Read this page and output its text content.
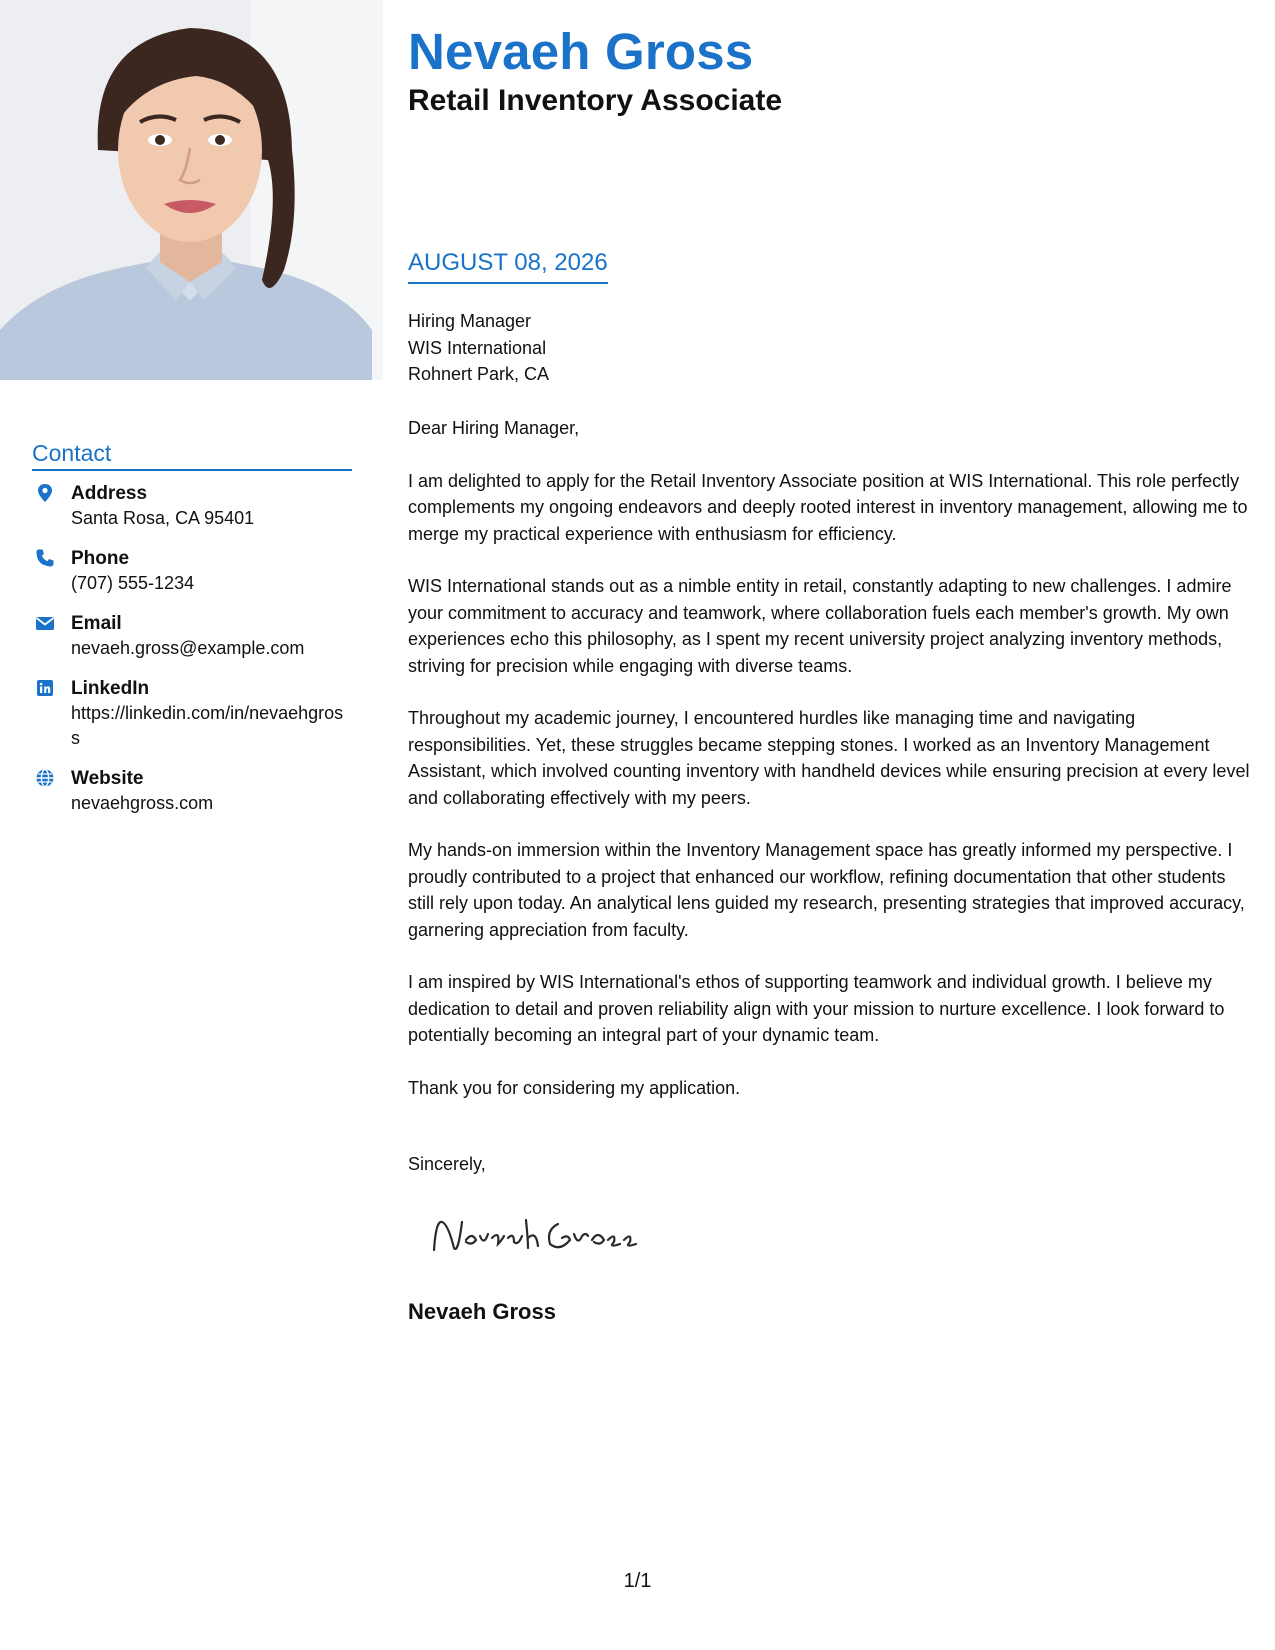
Nevaeh Gross
Retail Inventory Associate
AUGUST 08, 2026
Hiring Manager
WIS International
Rohnert Park, CA

Dear Hiring Manager,

I am delighted to apply for the Retail Inventory Associate position at WIS International. This role perfectly complements my ongoing endeavors and deeply rooted interest in inventory management, allowing me to merge my practical experience with enthusiasm for efficiency.

WIS International stands out as a nimble entity in retail, constantly adapting to new challenges. I admire your commitment to accuracy and teamwork, where collaboration fuels each member's growth. My own experiences echo this philosophy, as I spent my recent university project analyzing inventory methods, striving for precision while engaging with diverse teams.

Throughout my academic journey, I encountered hurdles like managing time and navigating responsibilities. Yet, these struggles became stepping stones. I worked as an Inventory Management Assistant, which involved counting inventory with handheld devices while ensuring precision at every level and collaborating effectively with my peers.

My hands-on immersion within the Inventory Management space has greatly informed my perspective. I proudly contributed to a project that enhanced our workflow, refining documentation that other students still rely upon today. An analytical lens guided my research, presenting strategies that improved accuracy, garnering appreciation from faculty.

I am inspired by WIS International's ethos of supporting teamwork and individual growth. I believe my dedication to detail and proven reliability align with your mission to nurture excellence. I look forward to potentially becoming an integral part of your dynamic team.

Thank you for considering my application.

Sincerely,
Nevaeh Gross
Contact
Address
Santa Rosa, CA 95401
Phone
(707) 555-1234
Email
nevaeh.gross@example.com
LinkedIn
https://linkedin.com/in/nevaehgross
Website
nevaehgross.com
1/1
